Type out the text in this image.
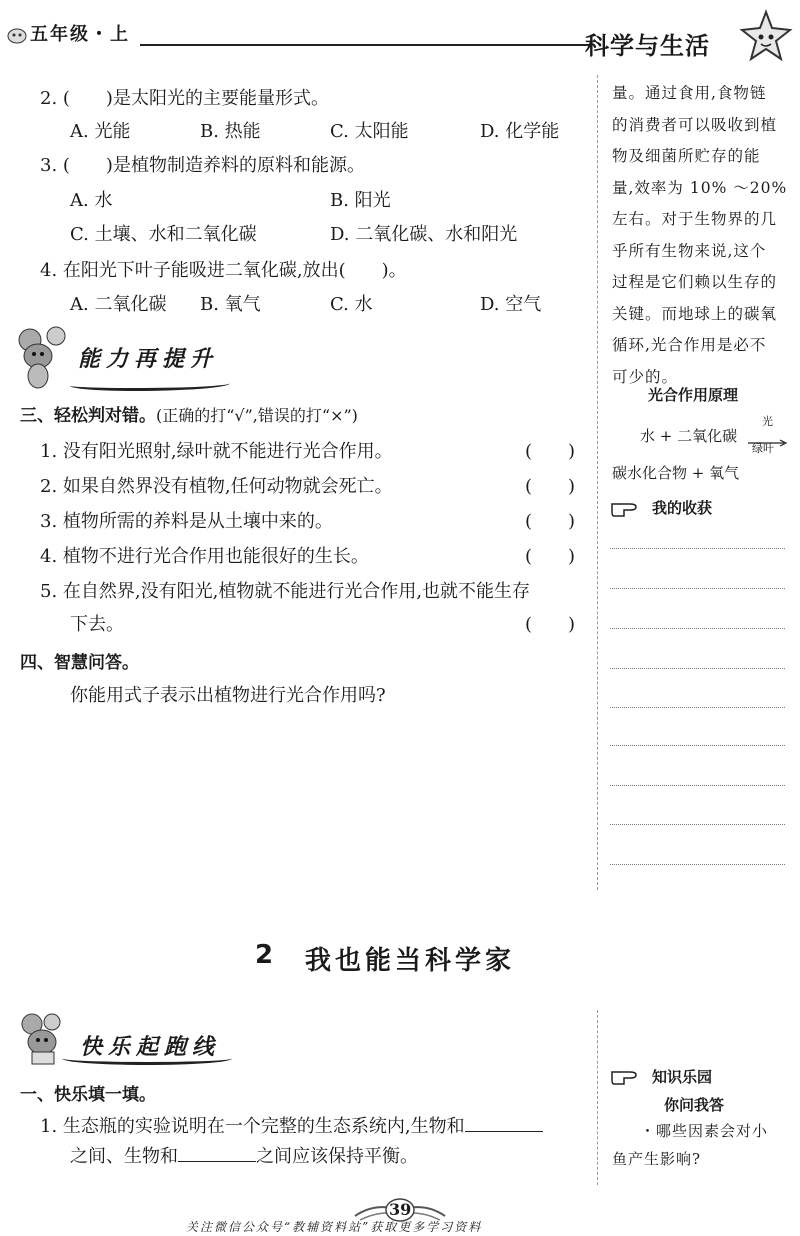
五年级・上	科学与生活
2. (　　)是太阳光的主要能量形式。
A. 光能	B. 热能	C. 太阳能	D. 化学能
3. (　　)是植物制造养料的原料和能源。
A. 水	B. 阳光
C. 土壤、水和二氧化碳	D. 二氧化碳、水和阳光
4. 在阳光下叶子能吸进二氧化碳,放出(　　)。
A. 二氧化碳 B. 氧气	C. 水	D. 空气
能力再提升
三、轻松判对错。(正确的打“√”,错误的打“×”)
1. 没有阳光照射,绿叶就不能进行光合作用。	(　　)
2. 如果自然界没有植物,任何动物就会死亡。	(　　)
3. 植物所需的养料是从土壤中来的。	(　　)
4. 植物不进行光合作用也能很好的生长。	(　　)
5. 在自然界,没有阳光,植物就不能进行光合作用,也就不能生存
下去。	(　　)
四、智慧问答。
你能用式子表示出植物进行光合作用吗?
量。通过食用,食物链
的消费者可以吸收到植
物及细菌所贮存的能
量,效率为 10% ～20%
左右。对于生物界的几
乎所有生物来说,这个
过程是它们赖以生存的
关键。而地球上的碳氧
循环,光合作用是必不
可少的。
光合作用原理
水 + 二氧化碳
光
绿叶
碳水化合物 + 氧气
我的收获
2 我也能当科学家
快乐起跑线
一、快乐填一填。
1. 生态瓶的实验说明在一个完整的生态系统内,生物和
之间、生物和	之间应该保持平衡。
知识乐园
你问我答
・哪些因素会对小
鱼产生影响?
39
关注微信公众号“教辅资料站”获取更多学习资料
